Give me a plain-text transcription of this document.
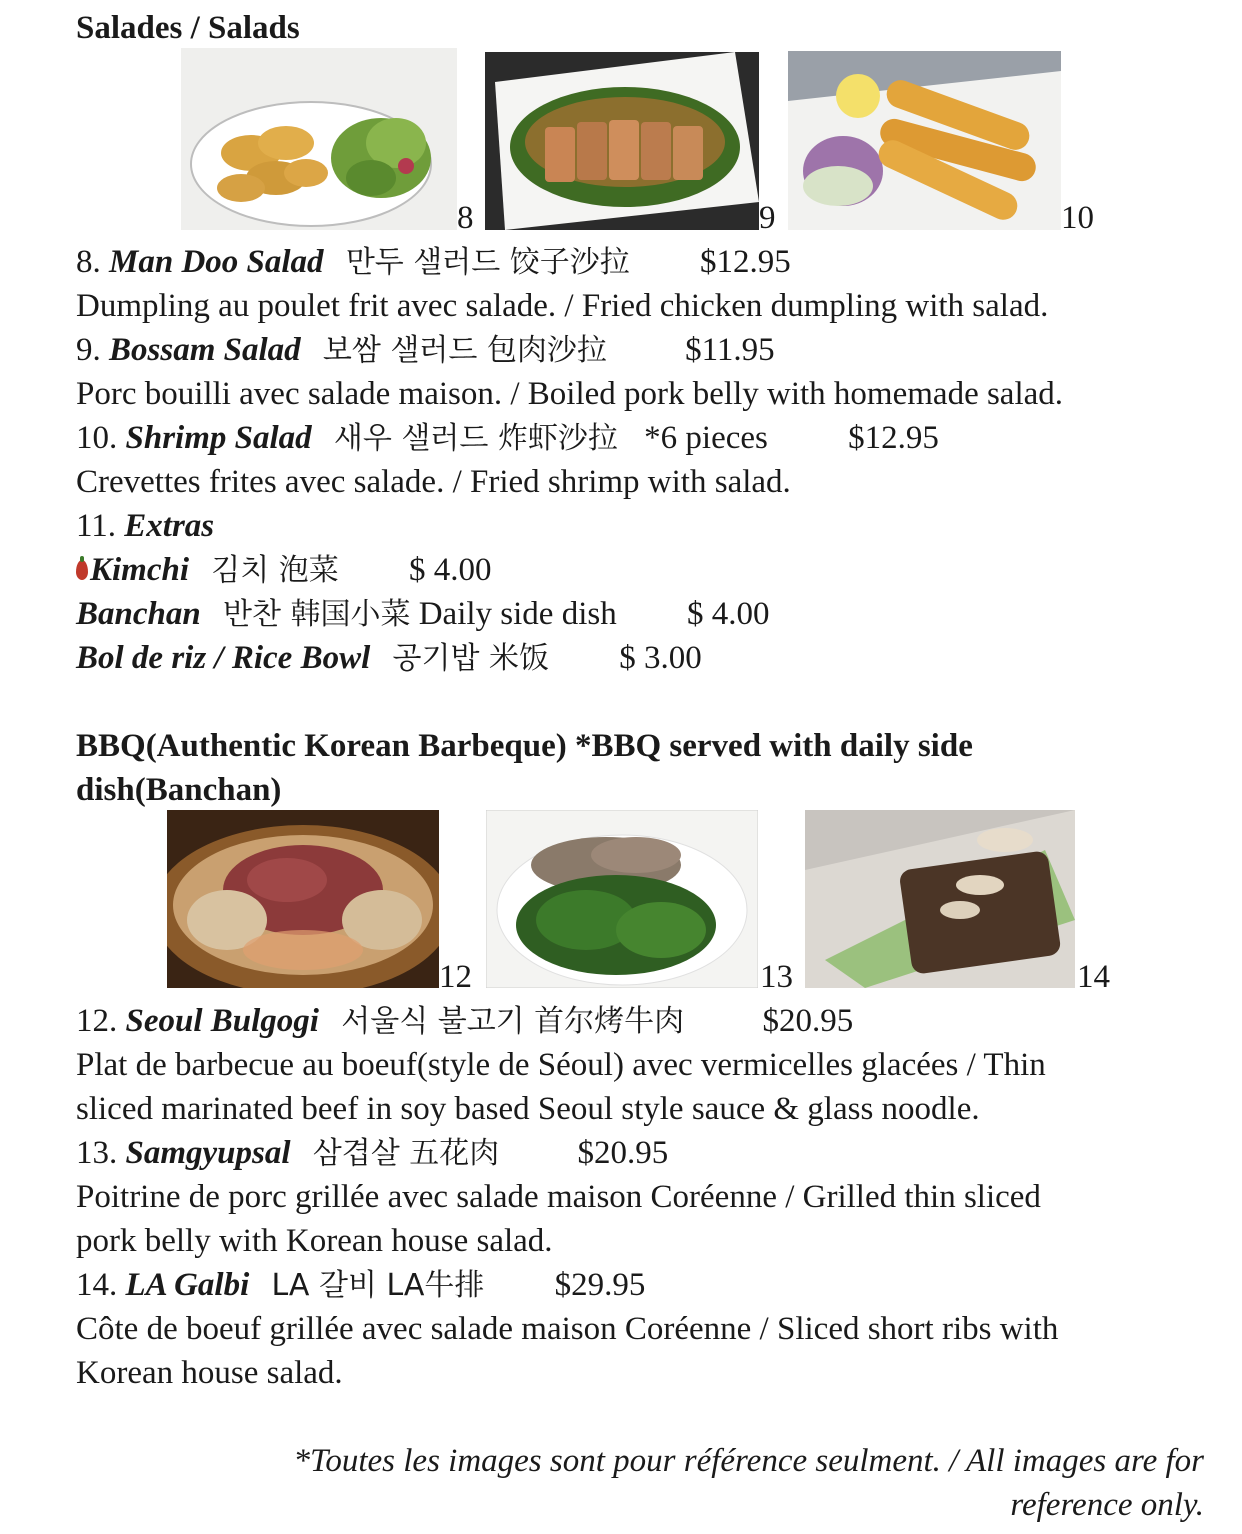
Salades / Salads
8	9	10
8. Man Doo Salad 만두 샐러드 饺子沙拉 $12.95
Dumpling au poulet frit avec salade. / Fried chicken dumpling with salad.
9. Bossam Salad 보쌈 샐러드 包肉沙拉 $11.95
Porc bouilli avec salade maison. / Boiled pork belly with homemade salad.
10. Shrimp Salad 새우 샐러드 炸虾沙拉 *6 pieces $12.95
Crevettes frites avec salade. / Fried shrimp with salad.
11. Extras
Kimchi 김치 泡菜 $ 4.00
Banchan 반찬 韩国小菜 Daily side dish $ 4.00
Bol de riz / Rice Bowl 공기밥 米饭 $ 3.00
BBQ(Authentic Korean Barbeque) *BBQ served with daily side
dish(Banchan)
12	13	14
12. Seoul Bulgogi 서울식 불고기 首尔烤牛肉 $20.95
Plat de barbecue au boeuf(style de Séoul) avec vermicelles glacées / Thin
sliced marinated beef in soy based Seoul style sauce & glass noodle.
13. Samgyupsal 삼겹살 五花肉 $20.95
Poitrine de porc grillée avec salade maison Coréenne / Grilled thin sliced
pork belly with Korean house salad.
14. LA Galbi LA 갈비 LA牛排 $29.95
Côte de boeuf grillée avec salade maison Coréenne / Sliced short ribs with
Korean house salad.
*Toutes les images sont pour référence seulment. / All images are for
reference only.
